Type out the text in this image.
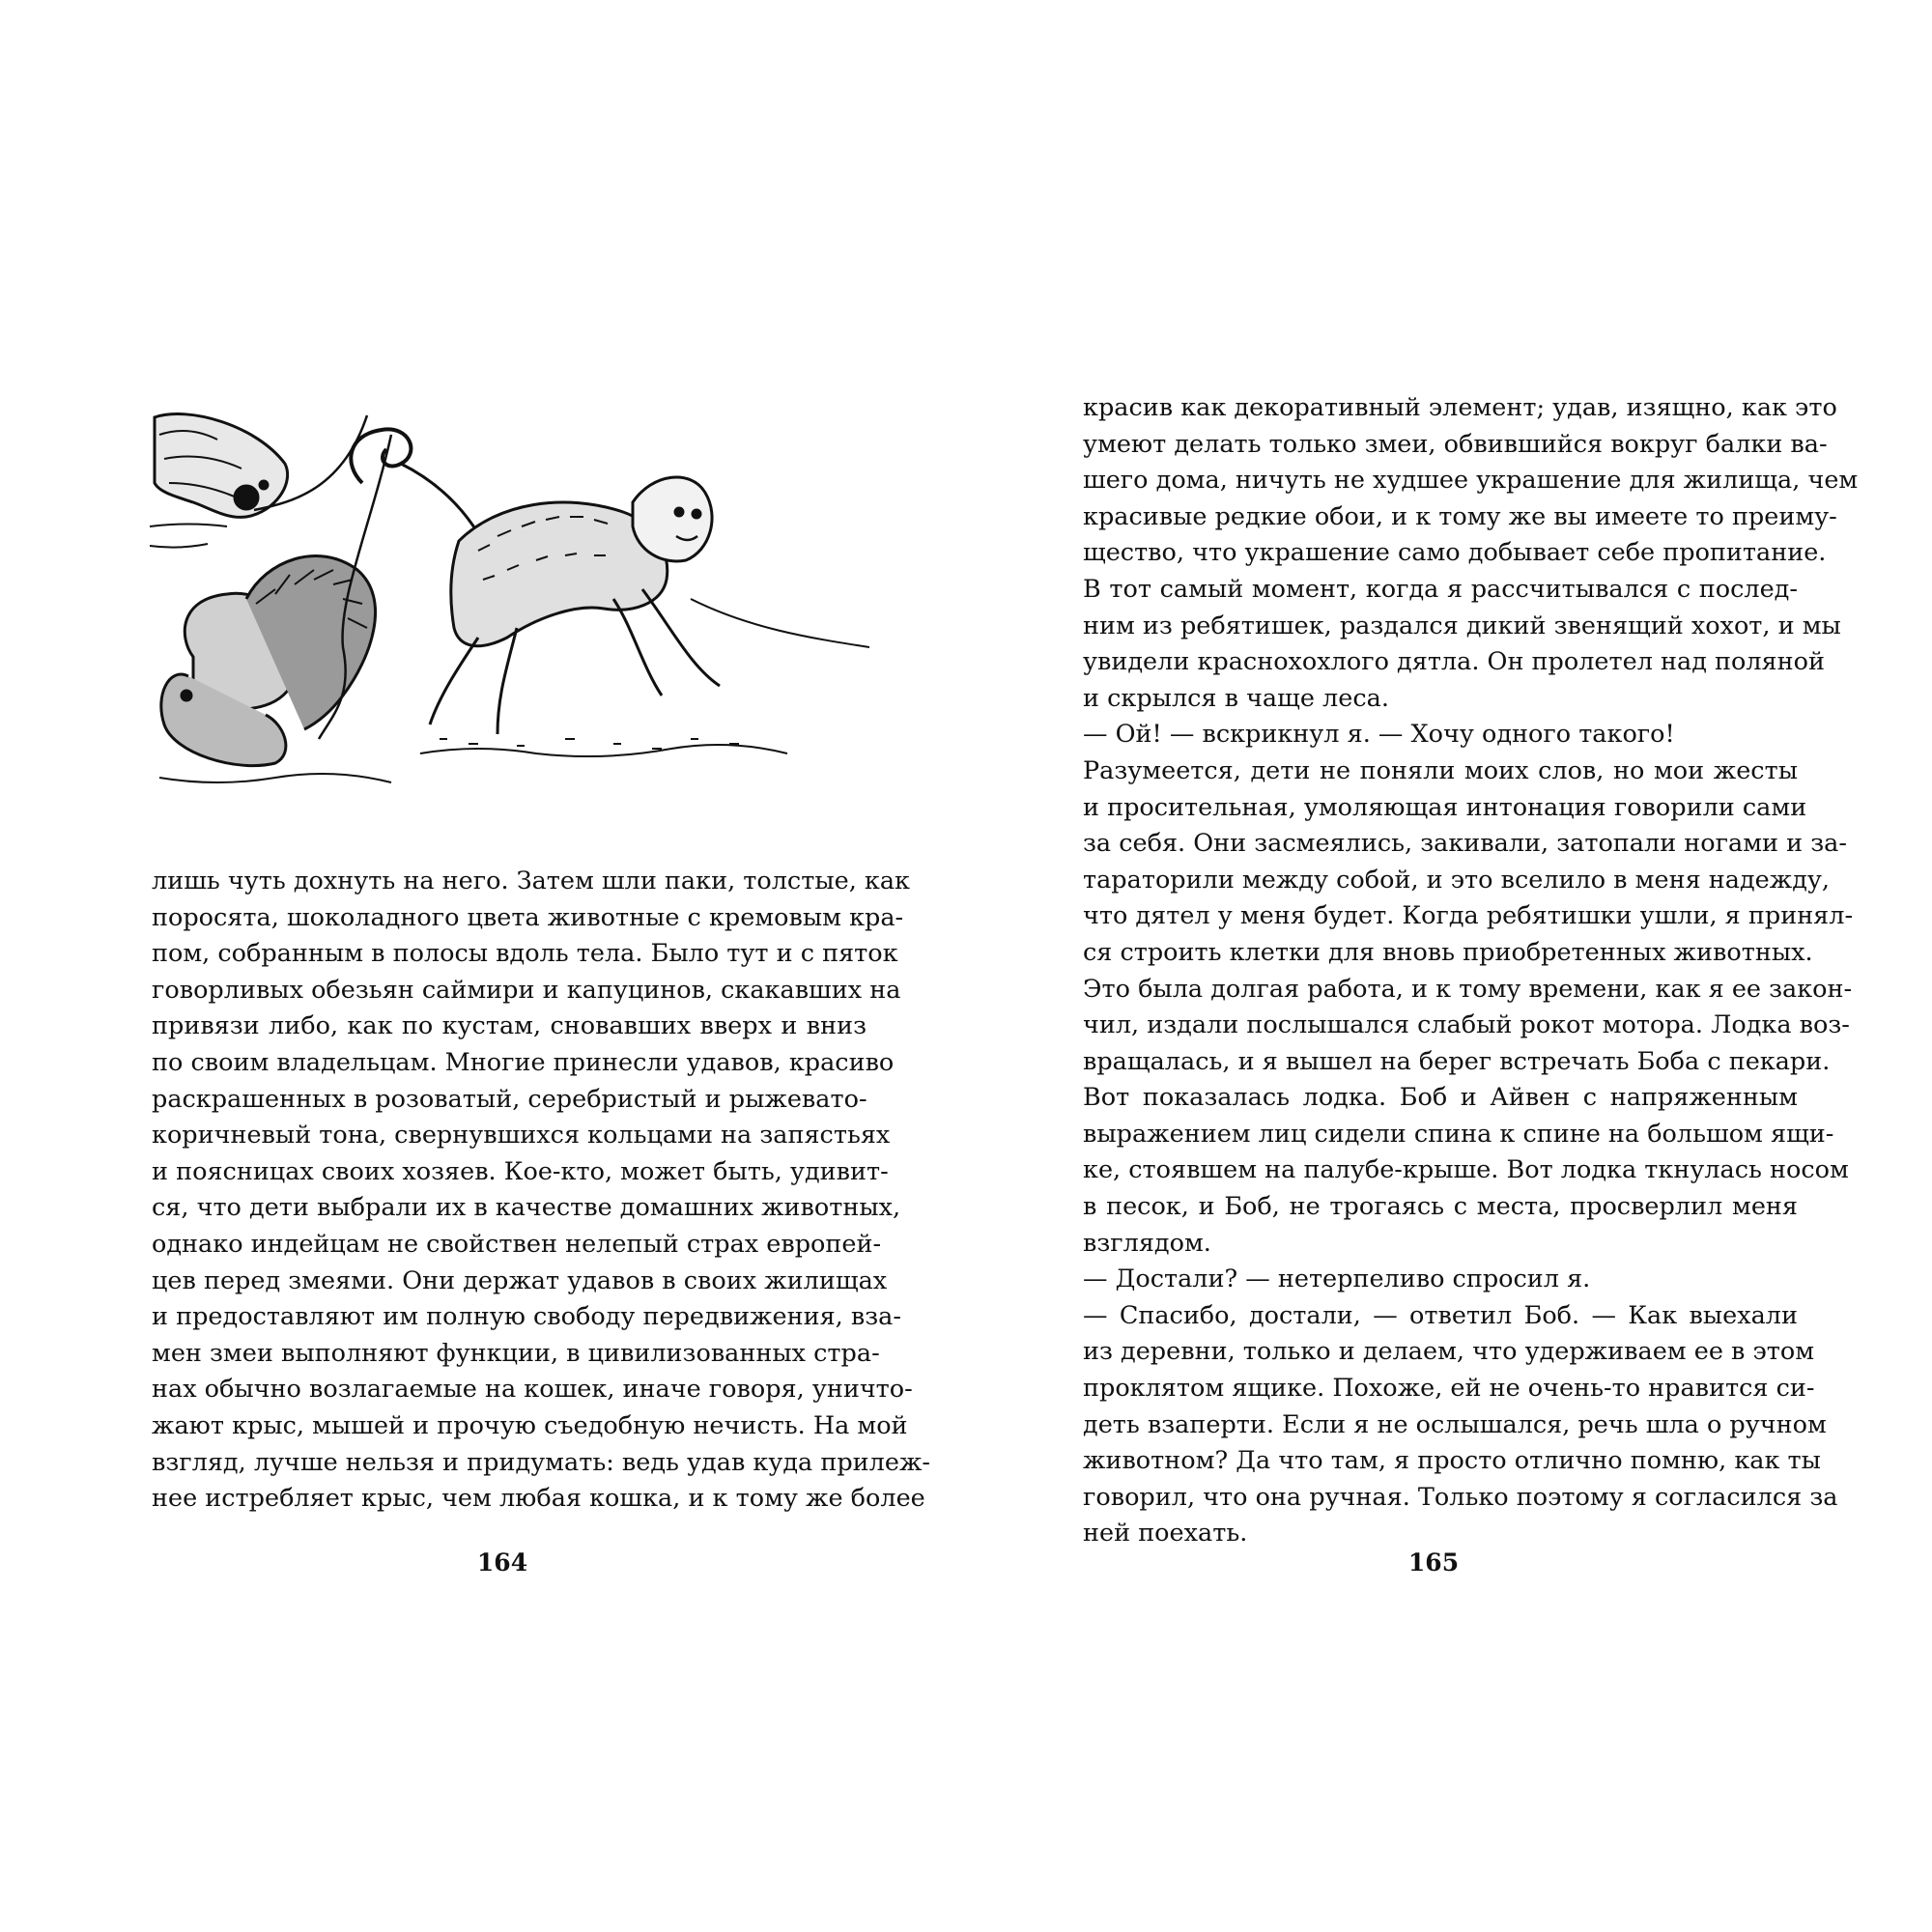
лишь чуть дохнуть на него. Затем шли паки, толстые, как
поросята, шоколадного цвета животные с кремовым кра-
пом, собранным в полосы вдоль тела. Было тут и с пяток
говорливых обезьян саймири и капуцинов, скакавших на
привязи либо, как по кустам, сновавших вверх и вниз
по своим владельцам. Многие принесли удавов, красиво
раскрашенных в розоватый, серебристый и рыжевато-
коричневый тона, свернувшихся кольцами на запястьях
и поясницах своих хозяев. Кое-кто, может быть, удивит-
ся, что дети выбрали их в качестве домашних животных,
однако индейцам не свойствен нелепый страх европей-
цев перед змеями. Они держат удавов в своих жилищах
и предоставляют им полную свободу передвижения, вза-
мен змеи выполняют функции, в цивилизованных стра-
нах обычно возлагаемые на кошек, иначе говоря, уничто-
жают крыс, мышей и прочую съедобную нечисть. На мой
взгляд, лучше нельзя и придумать: ведь удав куда прилеж-
нее истребляет крыс, чем любая кошка, и к тому же более
164
красив как декоративный элемент; удав, изящно, как это
умеют делать только змеи, обвившийся вокруг балки ва-
шего дома, ничуть не худшее украшение для жилища, чем
красивые редкие обои, и к тому же вы имеете то преиму-
щество, что украшение само добывает себе пропитание.
В тот самый момент, когда я рассчитывался с послед-
ним из ребятишек, раздался дикий звенящий хохот, и мы
увидели краснохохлого дятла. Он пролетел над поляной
и скрылся в чаще леса.
— Ой! — вскрикнул я. — Хочу одного такого!
Разумеется, дети не поняли моих слов, но мои жесты
и просительная, умоляющая интонация говорили сами
за себя. Они засмеялись, закивали, затопали ногами и за-
тараторили между собой, и это вселило в меня надежду,
что дятел у меня будет. Когда ребятишки ушли, я принял-
ся строить клетки для вновь приобретенных животных.
Это была долгая работа, и к тому времени, как я ее закон-
чил, издали послышался слабый рокот мотора. Лодка воз-
вращалась, и я вышел на берег встречать Боба с пекари.
Вот показалась лодка. Боб и Айвен с напряженным
выражением лиц сидели спина к спине на большом ящи-
ке, стоявшем на палубе-крыше. Вот лодка ткнулась носом
в песок, и Боб, не трогаясь с места, просверлил меня
взглядом.
— Достали? — нетерпеливо спросил я.
— Спасибо, достали, — ответил Боб. — Как выехали
из деревни, только и делаем, что удерживаем ее в этом
проклятом ящике. Похоже, ей не очень-то нравится си-
деть взаперти. Если я не ослышался, речь шла о ручном
животном? Да что там, я просто отлично помню, как ты
говорил, что она ручная. Только поэтому я согласился за
ней поехать.
165
